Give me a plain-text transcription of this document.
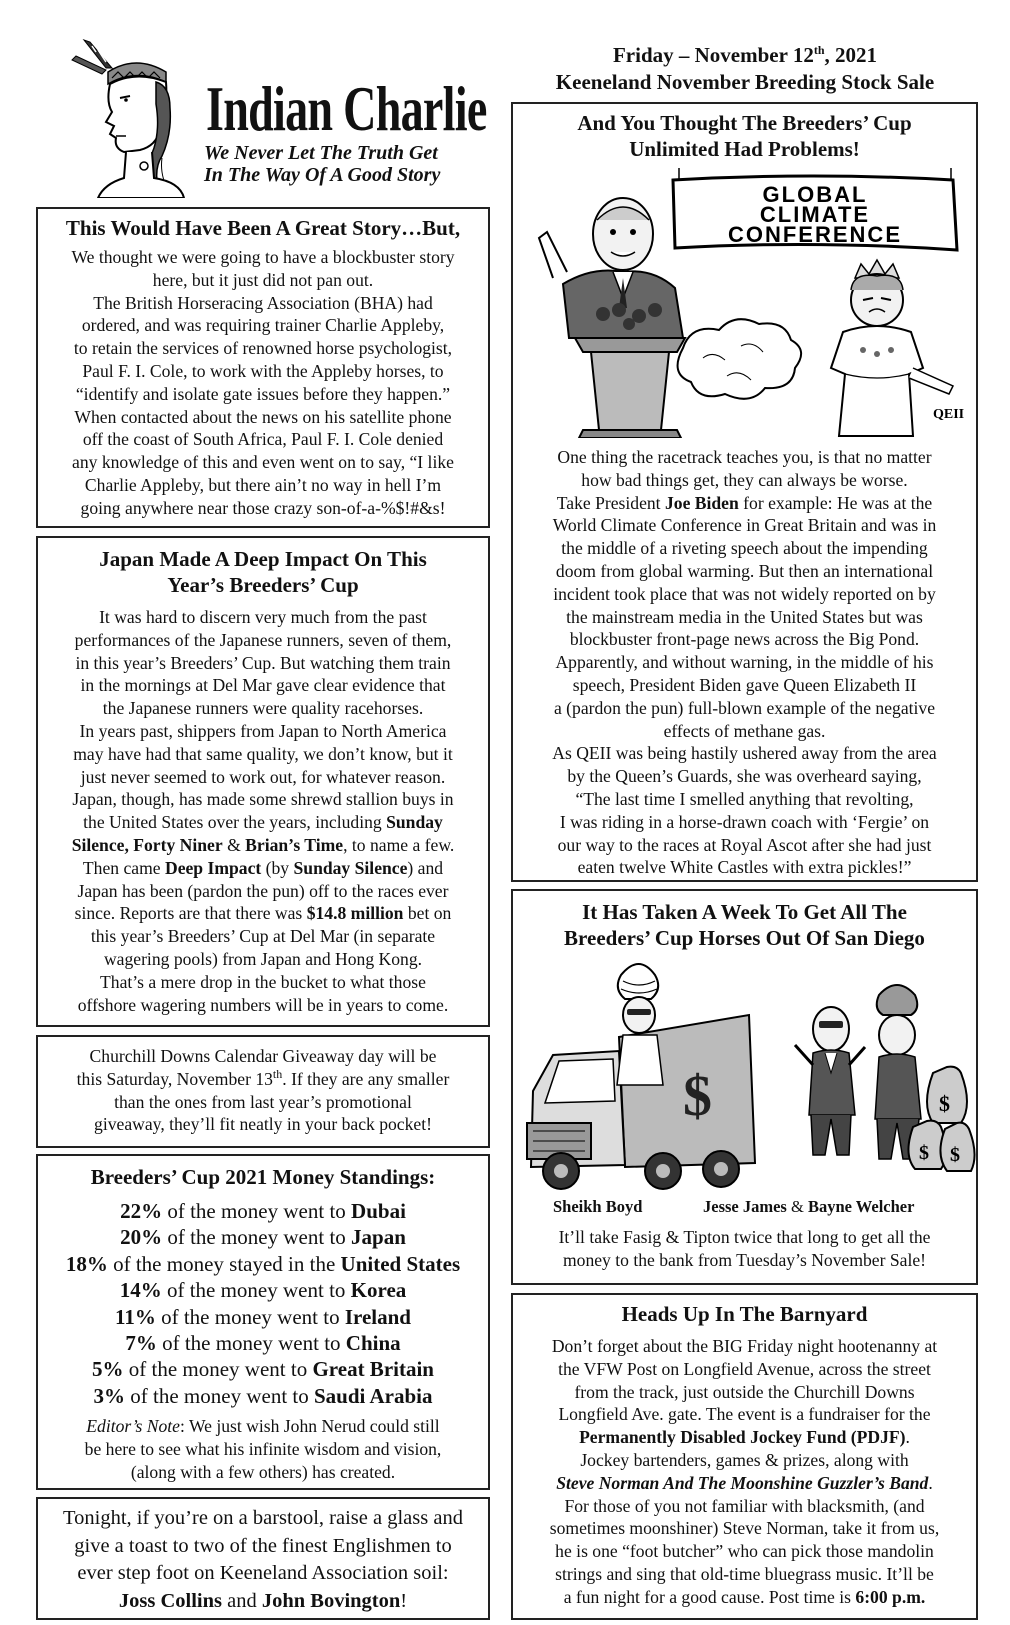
Indian Charlie
We Never Let The Truth Get
In The Way Of A Good Story
Friday – November 12th, 2021
Keeneland November Breeding Stock Sale
This Would Have Been A Great Story…But,

We thought we were going to have a blockbuster story

here, but it just did not pan out.

The British Horseracing Association (BHA) had

ordered, and was requiring trainer Charlie Appleby,

to retain the services of renowned horse psychologist,

Paul F. I. Cole, to work with the Appleby horses, to

“identify and isolate gate issues before they happen.”

When contacted about the news on his satellite phone

off the coast of South Africa, Paul F. I. Cole denied

any knowledge of this and even went on to say, “I like

Charlie Appleby, but there ain’t no way in hell I’m

going anywhere near those crazy son-of-a-%$!#&s!

Japan Made A Deep Impact On This
Year’s Breeders’ Cup

It was hard to discern very much from the past

performances of the Japanese runners, seven of them,

in this year’s Breeders’ Cup. But watching them train

in the mornings at Del Mar gave clear evidence that

the Japanese runners were quality racehorses.

In years past, shippers from Japan to North America

may have had that same quality, we don’t know, but it

just never seemed to work out, for whatever reason.

Japan, though, has made some shrewd stallion buys in

the United States over the years, including Sunday

Silence, Forty Niner & Brian’s Time, to name a few.

Then came Deep Impact (by Sunday Silence) and

Japan has been (pardon the pun) off to the races ever

since. Reports are that there was $14.8 million bet on

this year’s Breeders’ Cup at Del Mar (in separate

wagering pools) from Japan and Hong Kong.

That’s a mere drop in the bucket to what those

offshore wagering numbers will be in years to come.

Churchill Downs Calendar Giveaway day will be

this Saturday, November 13th. If they are any smaller

than the ones from last year’s promotional

giveaway, they’ll fit neatly in your back pocket!

Breeders’ Cup 2021 Money Standings:
22% of the money went to Dubai
20% of the money went to Japan
18% of the money stayed in the United States
14% of the money went to Korea
11% of the money went to Ireland
7% of the money went to China
5% of the money went to Great Britain
3% of the money went to Saudi Arabia

Editor’s Note: We just wish John Nerud could still

be here to see what his infinite wisdom and vision,

(along with a few others) has created.

Tonight, if you’re on a barstool, raise a glass and

give a toast to two of the finest Englishmen to

ever step foot on Keeneland Association soil:

Joss Collins and John Bovington!

And You Thought The Breeders’ Cup
Unlimited Had Problems!
GLOBAL
CLIMATE
CONFERENCE
QEII

One thing the racetrack teaches you, is that no matter

how bad things get, they can always be worse.

Take President Joe Biden for example: He was at the

World Climate Conference in Great Britain and was in

the middle of a riveting speech about the impending

doom from global warming. But then an international

incident took place that was not widely reported on by

the mainstream media in the United States but was

blockbuster front-page news across the Big Pond.

Apparently, and without warning, in the middle of his

speech, President Biden gave Queen Elizabeth II

a (pardon the pun) full-blown example of the negative

effects of methane gas.

As QEII was being hastily ushered away from the area

by the Queen’s Guards, she was overheard saying,

“The last time I smelled anything that revolting,

I was riding in a horse-drawn coach with ‘Fergie’ on

our way to the races at Royal Ascot after she had just

eaten twelve White Castles with extra pickles!”

It Has Taken A Week To Get All The
Breeders’ Cup Horses Out Of San Diego
$	$
$ $
Sheikh Boyd	Jesse James & Bayne Welcher

It’ll take Fasig & Tipton twice that long to get all the

money to the bank from Tuesday’s November Sale!

Heads Up In The Barnyard

Don’t forget about the BIG Friday night hootenanny at

the VFW Post on Longfield Avenue, across the street

from the track, just outside the Churchill Downs

Longfield Ave. gate. The event is a fundraiser for the

Permanently Disabled Jockey Fund (PDJF).

Jockey bartenders, games & prizes, along with

Steve Norman And The Moonshine Guzzler’s Band.

For those of you not familiar with blacksmith, (and

sometimes moonshiner) Steve Norman, take it from us,

he is one “foot butcher” who can pick those mandolin

strings and sing that old-time bluegrass music. It’ll be

a fun night for a good cause. Post time is 6:00 p.m.
